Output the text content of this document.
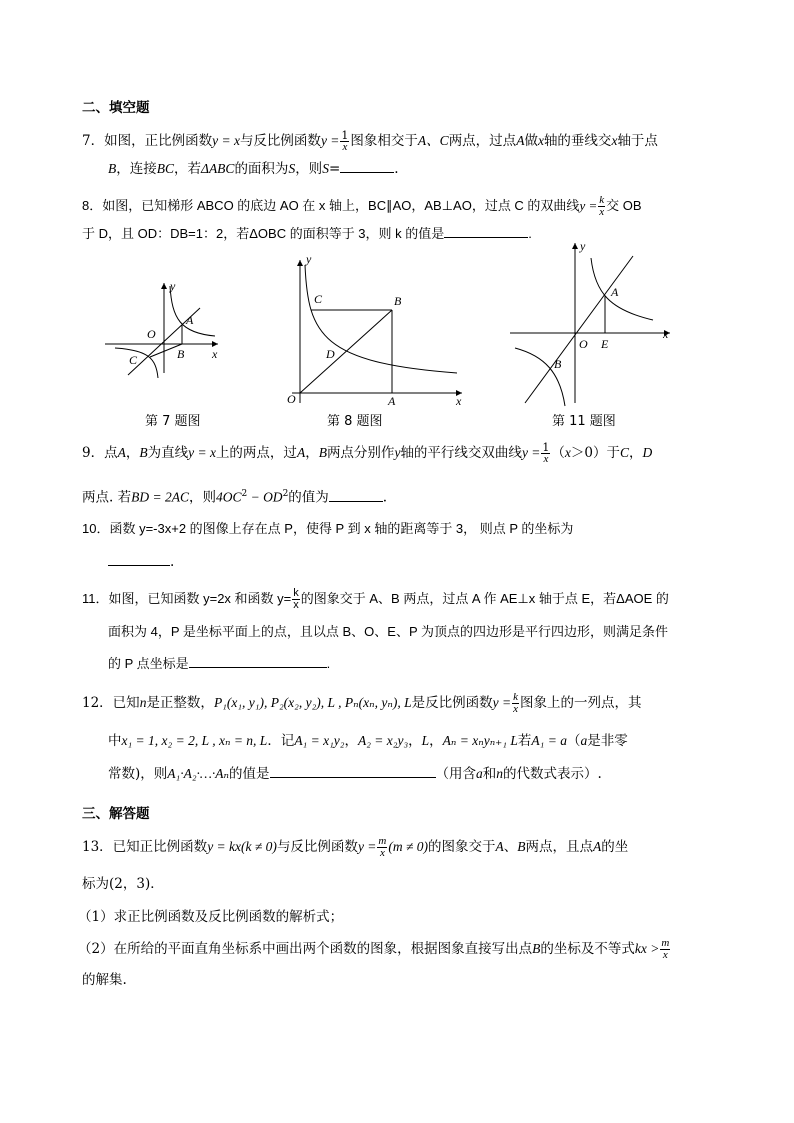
二、填空题
7．如图，正比例函数y = x与反比例函数$y = \frac{1}{x}$ 图象相交于A、C两点，过点A做x轴的垂线交x轴于点
B，连接BC，若ΔABC的面积为S，则S=	.
8．如图，已知梯形 ABCO 的底边 AO 在 x 轴上，BC∥AO，AB⊥AO，过点 C 的双曲线$y = \frac{k}{x}$ 交 OB
于 D，且 OD：DB=1：2，若ΔOBC 的面积等于 3，则 k 的值是	.
y
x
O
A
B
C
第 7 题图
y
x
O	A
B
C
D
第 8 题图
y
x
O
A
B
E
第 11 题图
9．点A，B为直线y = x上的两点，过A，B两点分别作y轴的平行线交双曲线$y = \frac{1}{x} (x>0)$于C，D
两点. 若BD = 2AC，则$4OC^2 - OD^2$的值为	.
10．函数 y=-3x+2 的图像上存在点 P，使得 P 到 x 轴的距离等于 3， 则点 P 的坐标为
.
11．如图，已知函数 y=2x 和函数 $y= \frac{k}{x}$ 的图象交于 A、B 两点，过点 A 作 AE⊥x 轴于点 E，若ΔAOE 的
面积为 4，P 是坐标平面上的点，且以点 B、O、E、P 为顶点的四边形是平行四边形，则满足条件
的 P 点坐标是	.
12．已知n是正整数，P₁(x₁, y₁), P₂(x₂, y₂), L , Pₙ(xₙ, yₙ), L是反比例函数$y = \frac{k}{x}$ 图象上的一列点，其
中x₁ = 1, x₂ = 2, L , xₙ = n, L．记A₁ = x₁y₂，A₂ = x₂y₃，L，Aₙ = xₙyₙ₊₁ L若A₁ = a（a是非零
常数)，则A₁·A₂·…·Aₙ的值是	（用含a和n的代数式表示）.
三、解答题
13．已知正比例函数y = kx(k ≠ 0)与反比例函数$y = \frac{m}{x} (m \ne 0)$的图象交于A、B两点，且点A的坐
标为(2，3)．
（1）求正比例函数及反比例函数的解析式；
（2）在所给的平面直角坐标系中画出两个函数的图象，根据图象直接写出点B的坐标及不等式kx > $\frac{m}{x}$
的解集.
